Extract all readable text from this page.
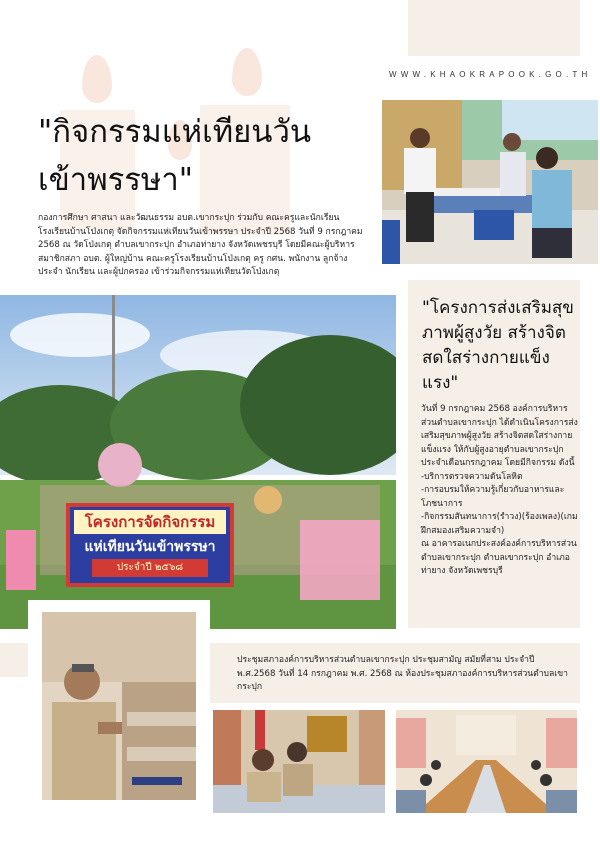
WWW.KHAOKRAPOOK.GO.TH
"กิจกรรมแห่เทียนวัน
เข้าพรรษา"
กองการศึกษา ศาสนา และวัฒนธรรม อบต.เขากระปุก ร่วมกับ คณะครูและนักเรียน โรงเรียนบ้านโป่งเกตุ จัดกิจกรรมแห่เทียนวันเข้าพรรษา ประจำปี 2568 วันที่ 9 กรกฎาคม 2568 ณ วัดโป่งเกตุ ตำบลเขากระปุก อำเภอท่ายาง จังหวัดเพชรบุรี โดยมีคณะผู้บริหาร สมาชิกสภา อบต. ผู้ใหญ่บ้าน คณะครูโรงเรียนบ้านโป่งเกตุ ครู กศน. พนักงาน ลูกจ้างประจำ นักเรียน และผู้ปกครอง เข้าร่วมกิจกรรมแห่เทียนวัดโป่งเกตุ
โครงการจัดกิจกรรม
แห่เทียนวันเข้าพรรษา
ประจำปี ๒๕๖๘
"โครงการส่งเสริมสุข
ภาพผู้สูงวัย สร้างจิต
สดใสร่างกายแข็ง
แรง"
วันที่ 9 กรกฎาคม 2568 องค์การบริหารส่วนตำบลเขากระปุก ได้ดำเนินโครงการส่งเสริมสุขภาพผู้สูงวัย สร้างจิตสดใสร่างกายแข็งแรง ให้กับผู้สูงอายุตำบลเขากระปุก ประจำเดือนกรกฎาคม โดยมีกิจกรรม ดังนี้
-บริการตรวจความดันโลหิต
-การอบรมให้ความรู้เกี่ยวกับอาหารและโภชนาการ
-กิจกรรมสันทนาการ(รำวง)(ร้องเพลง)(เกมฝึกสมองเสริมความจำ)
ณ อาคารอเนกประสงค์องค์การบริหารส่วนตำบลเขากระปุก ตำบลเขากระปุก อำเภอท่ายาง จังหวัดเพชรบุรี
ประชุมสภาองค์การบริหารส่วนตำบลเขากระปุก ประชุมสามัญ สมัยที่สาม ประจำปี พ.ศ.2568 วันที่ 14 กรกฎาคม พ.ศ. 2568 ณ ห้องประชุมสภาองค์การบริหารส่วนตำบลเขากระปุก
